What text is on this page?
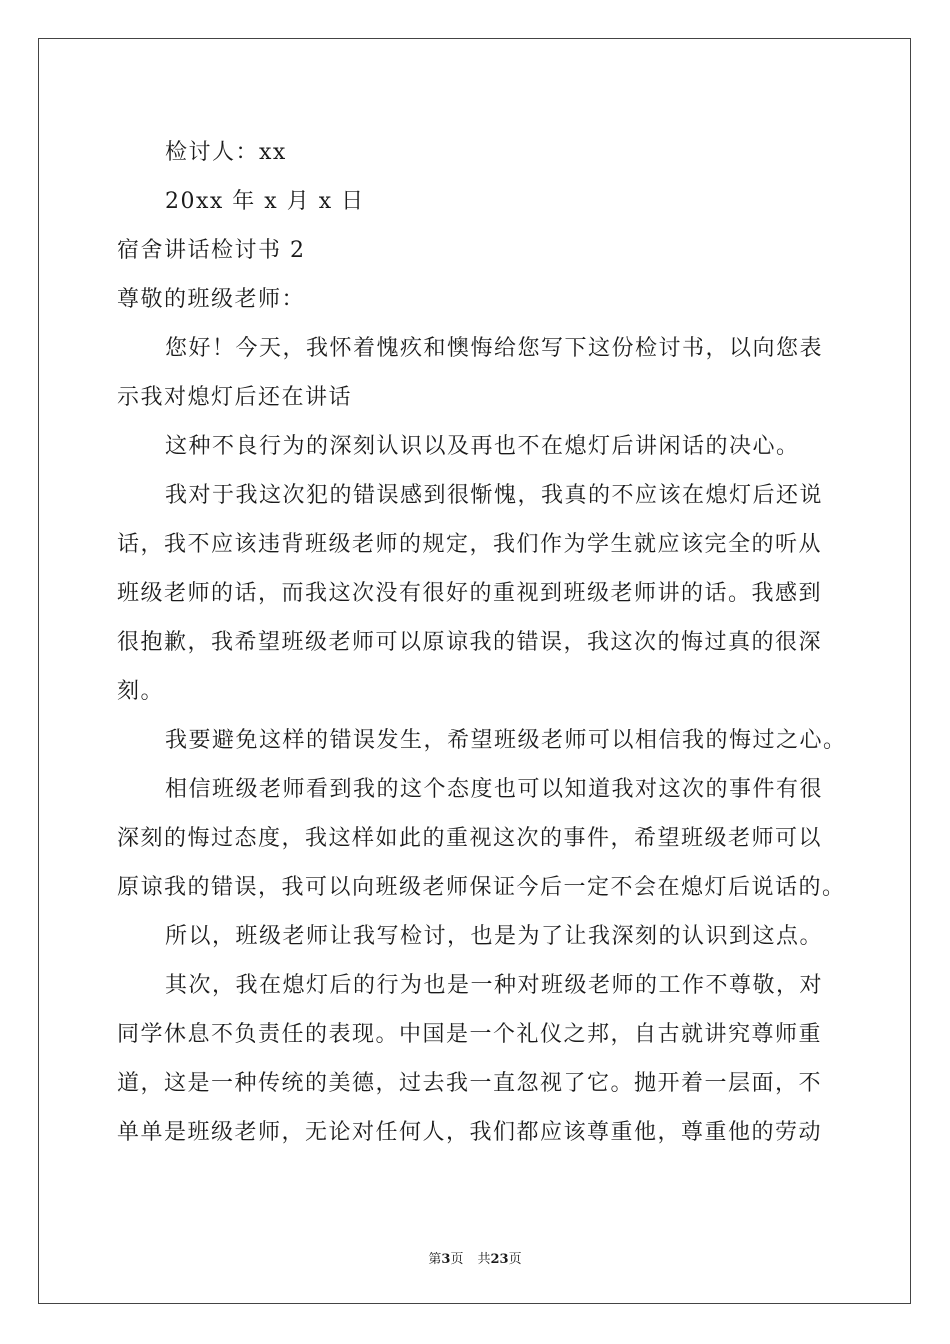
检讨人：xx
20xx 年 x 月 x 日
宿舍讲话检讨书 2
尊敬的班级老师：
您好！今天，我怀着愧疚和懊悔给您写下这份检讨书，以向您表
示我对熄灯后还在讲话
这种不良行为的深刻认识以及再也不在熄灯后讲闲话的决心。
我对于我这次犯的错误感到很惭愧，我真的不应该在熄灯后还说
话，我不应该违背班级老师的规定，我们作为学生就应该完全的听从
班级老师的话，而我这次没有很好的重视到班级老师讲的话。我感到
很抱歉，我希望班级老师可以原谅我的错误，我这次的悔过真的很深
刻。
我要避免这样的错误发生，希望班级老师可以相信我的悔过之心。
相信班级老师看到我的这个态度也可以知道我对这次的事件有很
深刻的悔过态度，我这样如此的重视这次的事件，希望班级老师可以
原谅我的错误，我可以向班级老师保证今后一定不会在熄灯后说话的。
所以，班级老师让我写检讨，也是为了让我深刻的认识到这点。
其次，我在熄灯后的行为也是一种对班级老师的工作不尊敬，对
同学休息不负责任的表现。中国是一个礼仪之邦，自古就讲究尊师重
道，这是一种传统的美德，过去我一直忽视了它。抛开着一层面，不
单单是班级老师，无论对任何人，我们都应该尊重他，尊重他的劳动
第3页 共23页
